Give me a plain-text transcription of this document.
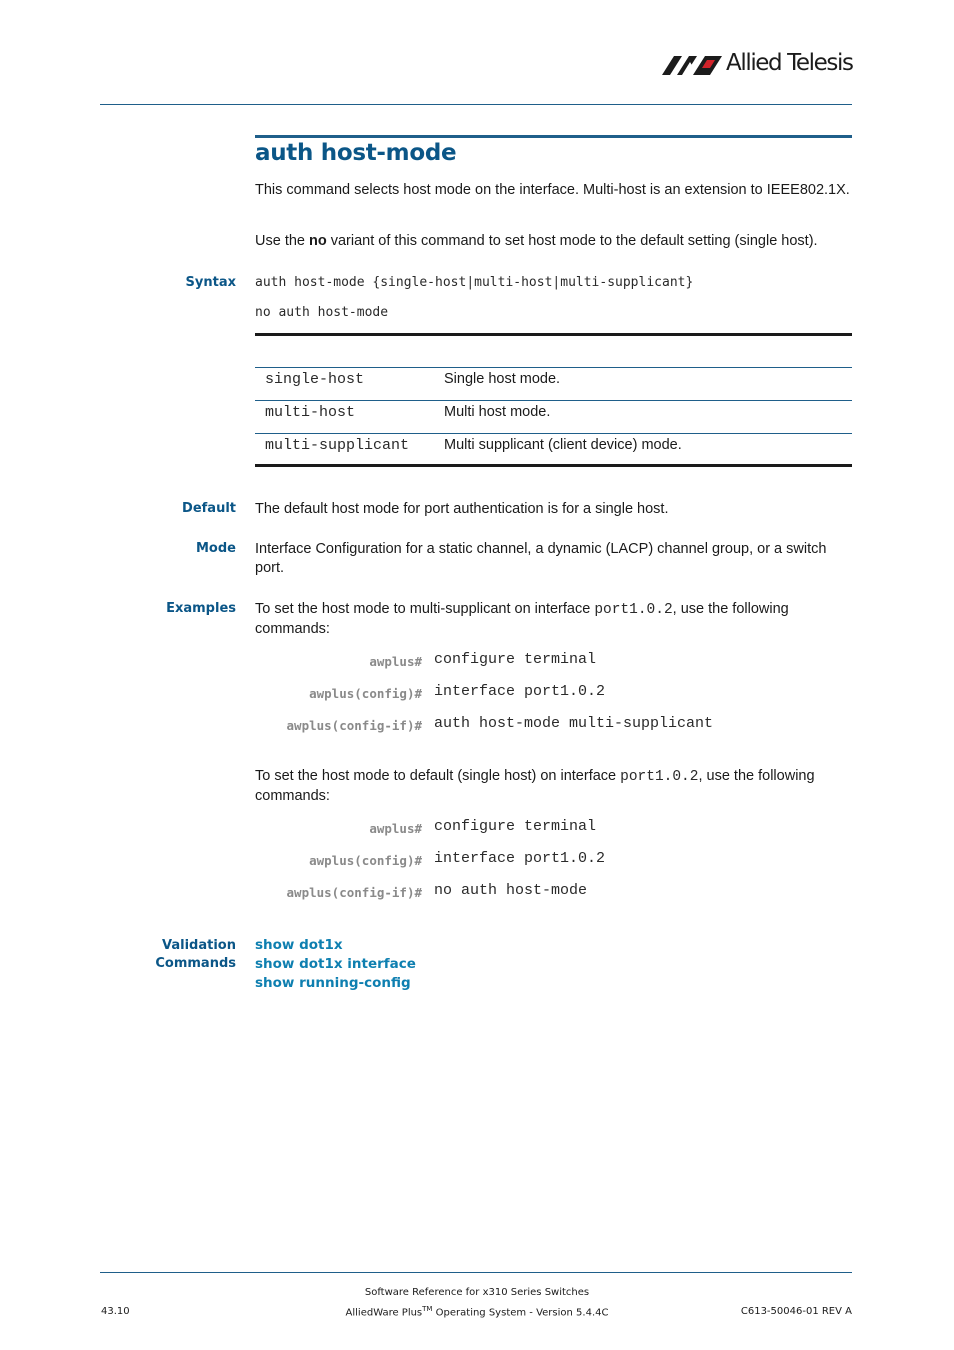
Allied Telesis
auth host-mode

This command selects host mode on the interface. Multi-host is an extension to IEEE802.1X.

Use the no variant of this command to set host mode to the default setting (single host).

Syntax auth host-mode {single-host|multi-host|multi-supplicant}
no auth host-mode
single-host	Single host mode.
multi-host	Multi host mode.
multi-supplicant Multi supplicant (client device) mode.
Default The default host mode for port authentication is for a single host.

Mode Interface Configuration for a static channel, a dynamic (LACP) channel group, or a switch port.

Examples To set the host mode to multi-supplicant on interface port1.0.2, use the following commands:

awplus# configure terminal
awplus(config)# interface port1.0.2
awplus(config-if)# auth host-mode multi-supplicant

To set the host mode to default (single host) on interface port1.0.2, use the following commands:

awplus# configure terminal
awplus(config)# interface port1.0.2
awplus(config-if)# no auth host-mode
Validation
Commands
show dot1x
show dot1x interface
show running-config
Software Reference for x310 Series Switches
AlliedWare Plus™ Operating System - Version 5.4.4C
43.10	C613-50046-01 REV A
